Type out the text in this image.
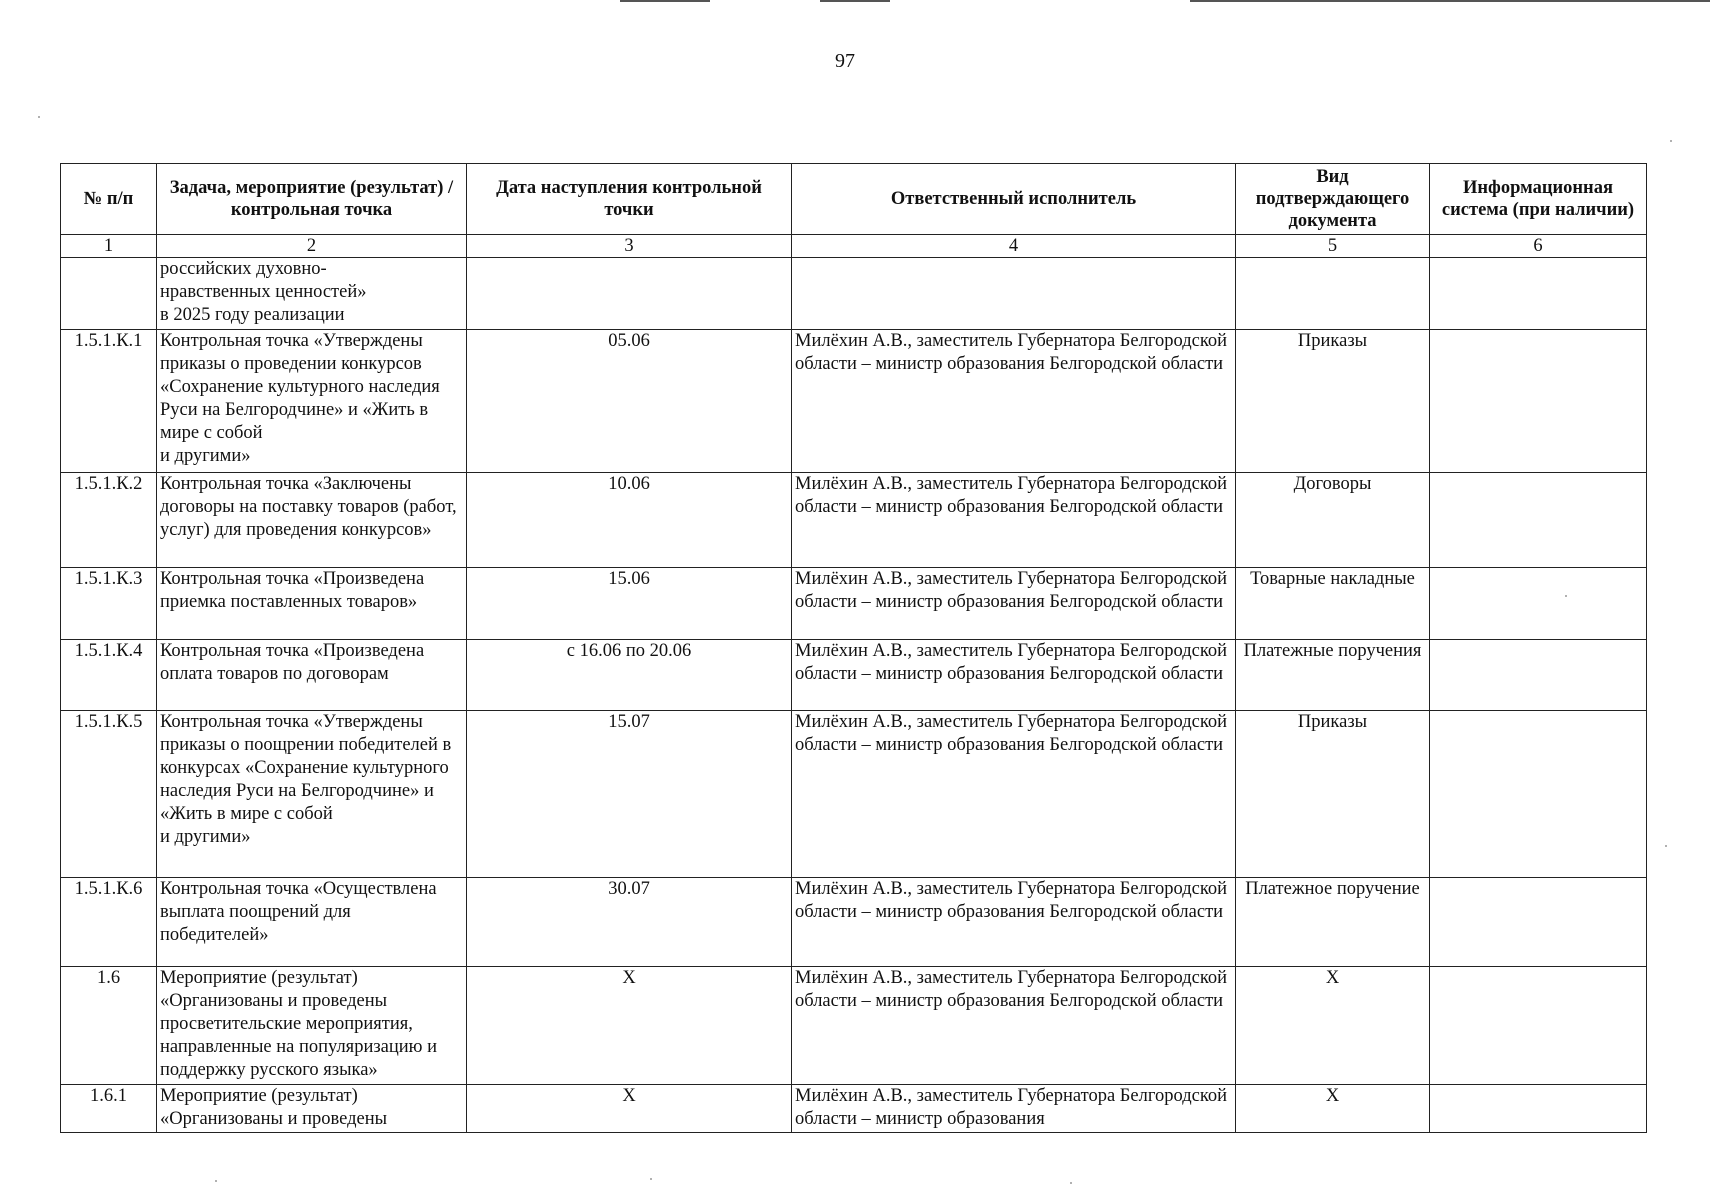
97
№ п/п	Задача, мероприятие (результат) / контрольная точка	Дата наступления контрольной точки	Ответственный исполнитель	Вид подтверждающего документа	Информационная система (при наличии)
1	2	3	4	5	6
	российских духовно-
нравственных ценностей»
в 2025 году реализации				
1.5.1.К.1	Контрольная точка «Утверждены приказы о проведении конкурсов «Сохранение культурного наследия Руси на Белгородчине» и «Жить в мире с собой
и другими»	05.06	Милёхин А.В., заместитель Губернатора Белгородской области – министр образования Белгородской области	Приказы	
1.5.1.К.2	Контрольная точка «Заключены договоры на поставку товаров (работ, услуг) для проведения конкурсов»	10.06	Милёхин А.В., заместитель Губернатора Белгородской области – министр образования Белгородской области	Договоры	
1.5.1.К.3	Контрольная точка «Произведена приемка поставленных товаров»	15.06	Милёхин А.В., заместитель Губернатора Белгородской области – министр образования Белгородской области	Товарные накладные	
1.5.1.К.4	Контрольная точка «Произведена оплата товаров по договорам	с 16.06 по 20.06	Милёхин А.В., заместитель Губернатора Белгородской области – министр образования Белгородской области	Платежные поручения	
1.5.1.К.5	Контрольная точка «Утверждены приказы о поощрении победителей в конкурсах «Сохранение культурного наследия Руси на Белгородчине» и «Жить в мире с собой
и другими»	15.07	Милёхин А.В., заместитель Губернатора Белгородской области – министр образования Белгородской области	Приказы	
1.5.1.К.6	Контрольная точка «Осуществлена выплата поощрений для победителей»	30.07	Милёхин А.В., заместитель Губернатора Белгородской области – министр образования Белгородской области	Платежное поручение	
1.6	Мероприятие (результат) «Организованы и проведены просветительские мероприятия, направленные на популяризацию и поддержку русского языка»	Х	Милёхин А.В., заместитель Губернатора Белгородской области – министр образования Белгородской области	Х	
1.6.1	Мероприятие (результат) «Организованы и проведены	Х	Милёхин А.В., заместитель Губернатора Белгородской области – министр образования	Х	
